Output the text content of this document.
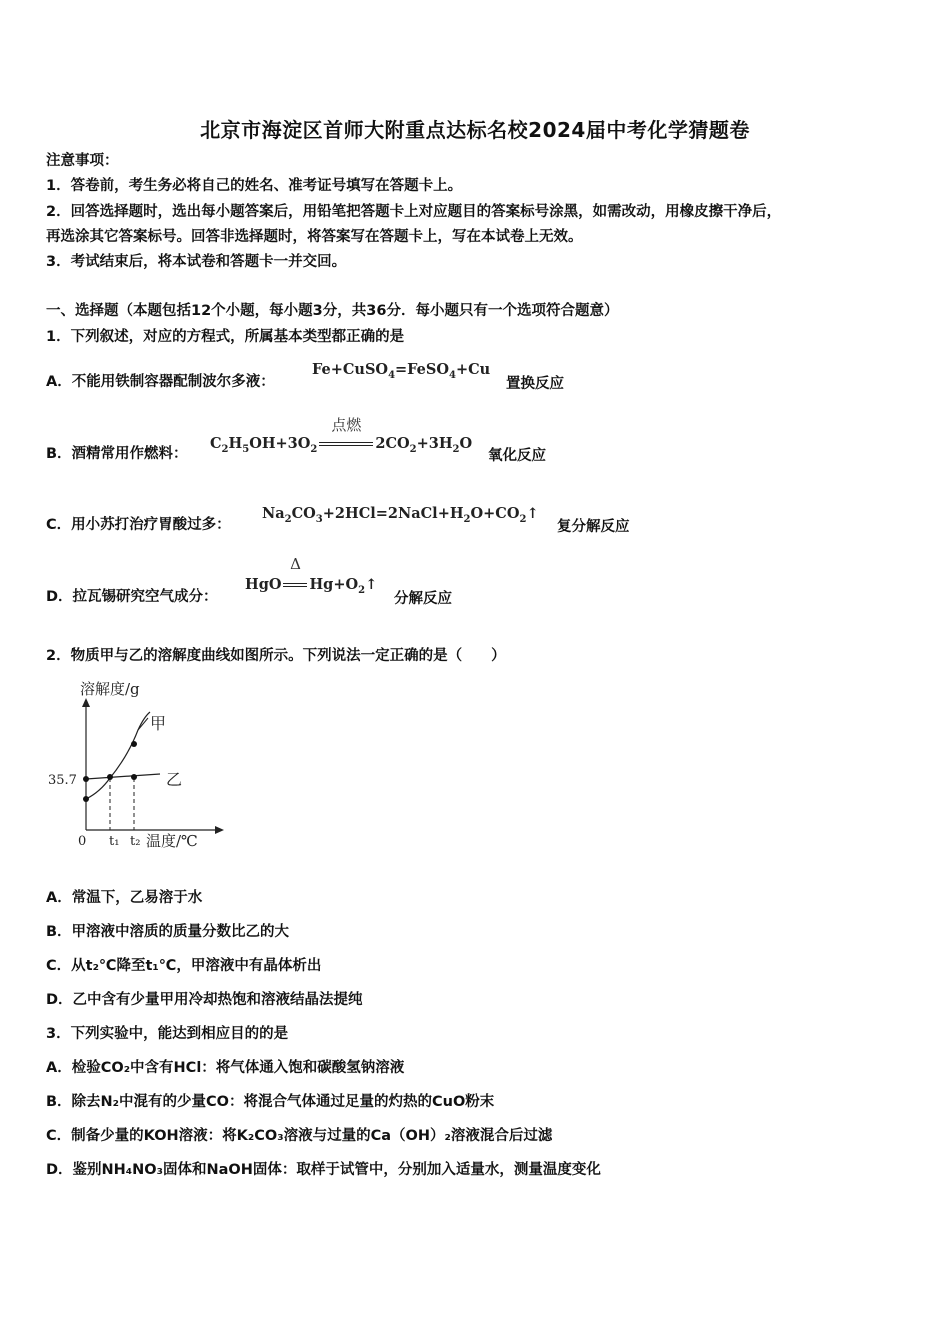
北京市海淀区首师大附重点达标名校2024届中考化学猜题卷
注意事项：
1．答卷前，考生务必将自己的姓名、准考证号填写在答题卡上。
2．回答选择题时，选出每小题答案后，用铅笔把答题卡上对应题目的答案标号涂黑，如需改动，用橡皮擦干净后，
再选涂其它答案标号。回答非选择题时，将答案写在答题卡上，写在本试卷上无效。
3．考试结束后，将本试卷和答题卡一并交回。
一、选择题（本题包括12个小题，每小题3分，共36分．每小题只有一个选项符合题意）
1．下列叙述，对应的方程式，所属基本类型都正确的是
A．不能用铁制容器配制波尔多液：
Fe+CuSO$_4$=FeSO$_4$+Cu
置换反应
B．酒精常用作燃料：
$C_2H_5OH+3O_2$
点燃
$2CO_2+3H_2O$
氧化反应
C．用小苏打治疗胃酸过多：
$Na_2CO_3+2HCl=2NaCl+H_2O+CO_2↑$
复分解反应
D．拉瓦锡研究空气成分：
HgO
Δ
$Hg+O_2↑$
分解反应
2．物质甲与乙的溶解度曲线如图所示。下列说法一定正确的是（　　）
溶解度/g
温度/℃
0 t₁ t₂
35.7
甲
乙
A．常温下，乙易溶于水
B．甲溶液中溶质的质量分数比乙的大
C．从t₂℃降至t₁℃，甲溶液中有晶体析出
D．乙中含有少量甲用冷却热饱和溶液结晶法提纯
3．下列实验中，能达到相应目的的是
A．检验CO₂中含有HCl：将气体通入饱和碳酸氢钠溶液
B．除去N₂中混有的少量CO：将混合气体通过足量的灼热的CuO粉末
C．制备少量的KOH溶液：将K₂CO₃溶液与过量的Ca（OH）₂溶液混合后过滤
D．鉴别NH₄NO₃固体和NaOH固体：取样于试管中，分别加入适量水，测量温度变化
